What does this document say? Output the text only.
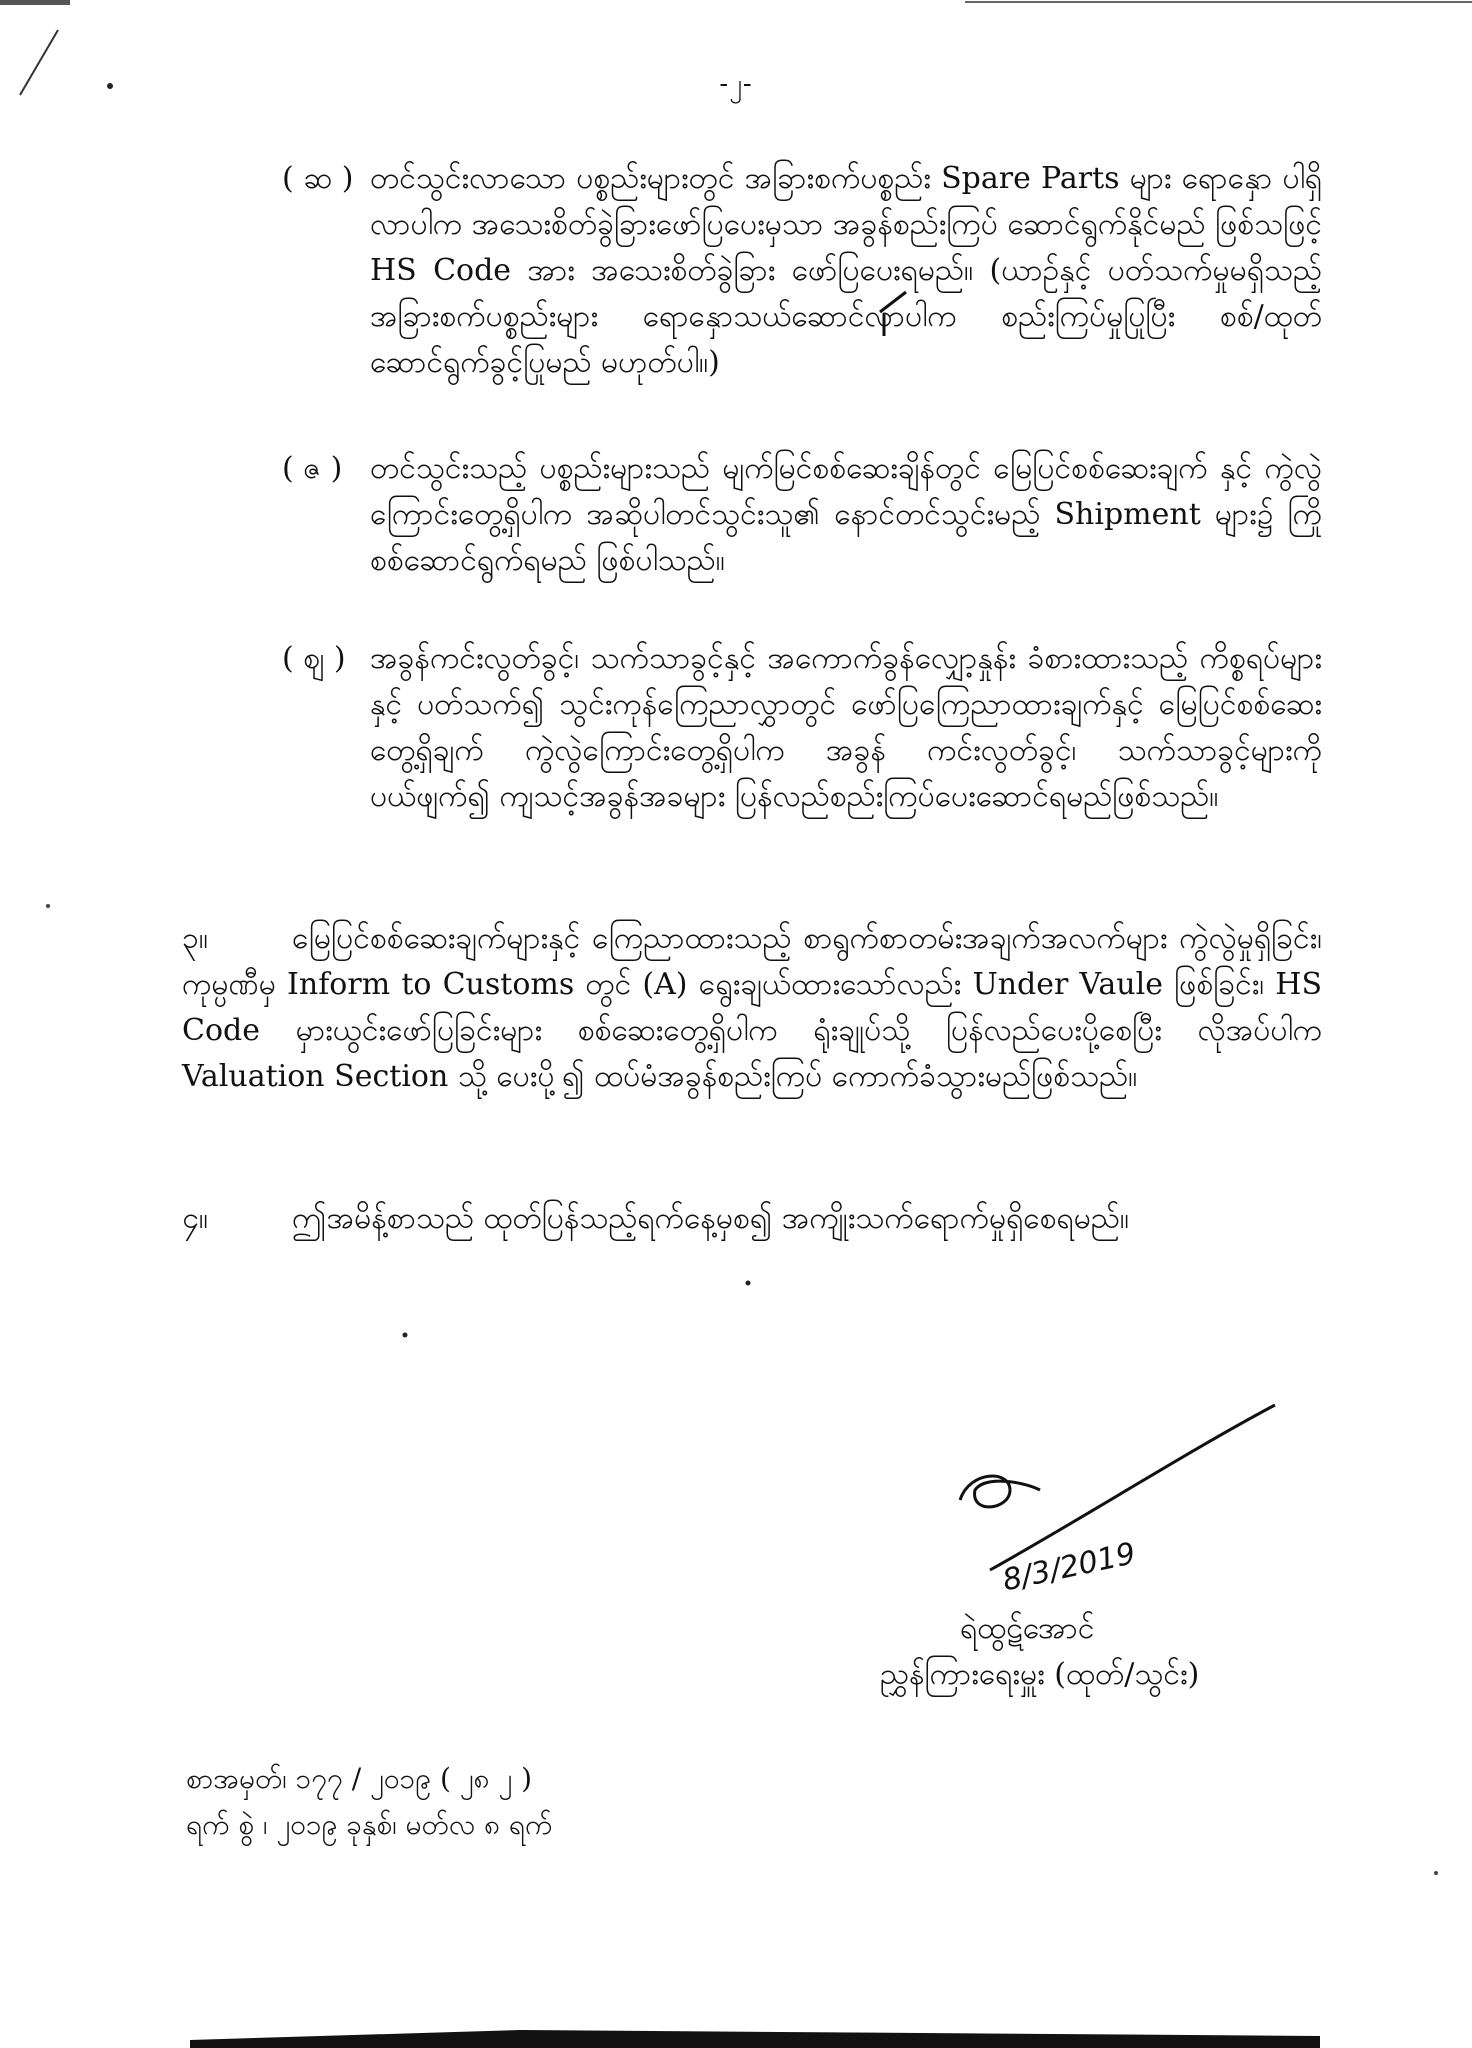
-၂-
( ဆ ) တင်သွင်းလာသော ပစ္စည်းများတွင် အခြားစက်ပစ္စည်း Spare Parts များ ရောနှော ပါရှိလာပါက အသေးစိတ်ခွဲခြားဖော်ပြပေးမှသာ အခွန်စည်းကြပ် ဆောင်ရွက်နိုင်မည် ဖြစ်သဖြင့် HS Code အား အသေးစိတ်ခွဲခြား ဖော်ပြပေးရမည်။ (ယာဉ်နှင့် ပတ်သက်မှုမရှိသည့် အခြားစက်ပစ္စည်းများ ရောနှောသယ်ဆောင်လာပါက စည်းကြပ်မှုပြုပြီး စစ်/ထုတ်ဆောင်ရွက်ခွင့်ပြုမည် မဟုတ်ပါ။)
( ဇ ) တင်သွင်းသည့် ပစ္စည်းများသည် မျက်မြင်စစ်ဆေးချိန်တွင် မြေပြင်စစ်ဆေးချက် နှင့် ကွဲလွဲကြောင်းတွေ့ရှိပါက အဆိုပါတင်သွင်းသူ၏ နောင်တင်သွင်းမည့် Shipment များ၌ ကြိုစစ်ဆောင်ရွက်ရမည် ဖြစ်ပါသည်။
( ဈ ) အခွန်ကင်းလွတ်ခွင့်၊ သက်သာခွင့်နှင့် အကောက်ခွန်လျှော့နှုန်း ခံစားထားသည့် ကိစ္စရပ်များနှင့် ပတ်သက်၍ သွင်းကုန်ကြေညာလွှာတွင် ဖော်ပြကြေညာထားချက်နှင့် မြေပြင်စစ်ဆေးတွေ့ရှိချက် ကွဲလွဲကြောင်းတွေ့ရှိပါက အခွန် ကင်းလွတ်ခွင့်၊ သက်သာခွင့်များကို ပယ်ဖျက်၍ ကျသင့်အခွန်အခများ ပြန်လည်စည်းကြပ်ပေးဆောင်ရမည်ဖြစ်သည်။
၃။	မြေပြင်စစ်ဆေးချက်များနှင့် ကြေညာထားသည့် စာရွက်စာတမ်းအချက်အလက်များ ကွဲလွဲမှုရှိခြင်း၊ ကုမ္ပဏီမှ Inform to Customs တွင် (A) ရွေးချယ်ထားသော်လည်း Under Vaule ဖြစ်ခြင်း၊ HS Code မှားယွင်းဖော်ပြခြင်းများ စစ်ဆေးတွေ့ရှိပါက ရုံးချုပ်သို့ ပြန်လည်ပေးပို့စေပြီး လိုအပ်ပါက Valuation Section သို့ ပေးပို့၍ ထပ်မံအခွန်စည်းကြပ် ကောက်ခံသွားမည်ဖြစ်သည်။
၄။	ဤအမိန့်စာသည် ထုတ်ပြန်သည့်ရက်နေ့မှစ၍ အကျိုးသက်ရောက်မှုရှိစေရမည်။
8/3/2019
ရဲထွဋ်အောင်
ညွှန်ကြားရေးမှူး (ထုတ်/သွင်း)
စာအမှတ်၊ ၁၇၇ / ၂၀၁၉ ( ၂၈ ၂ )
ရက် စွဲ ၊ ၂၀၁၉ ခုနှစ်၊ မတ်လ ၈ ရက်
